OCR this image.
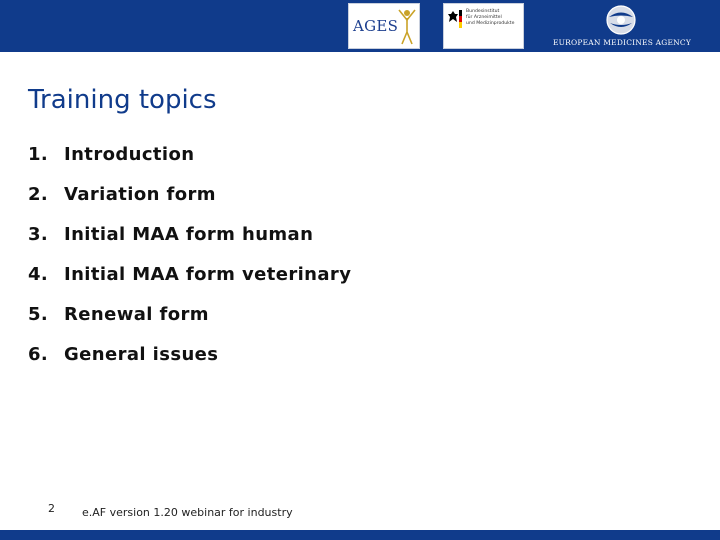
AGES
Bundesinstitut
für Arzneimittel
und Medizinprodukte
EUROPEAN MEDICINES AGENCY
Training topics
1. Introduction
2. Variation form
3. Initial MAA form human
4. Initial MAA form veterinary
5. Renewal form
6. General issues
2 e.AF version 1.20 webinar for industry
